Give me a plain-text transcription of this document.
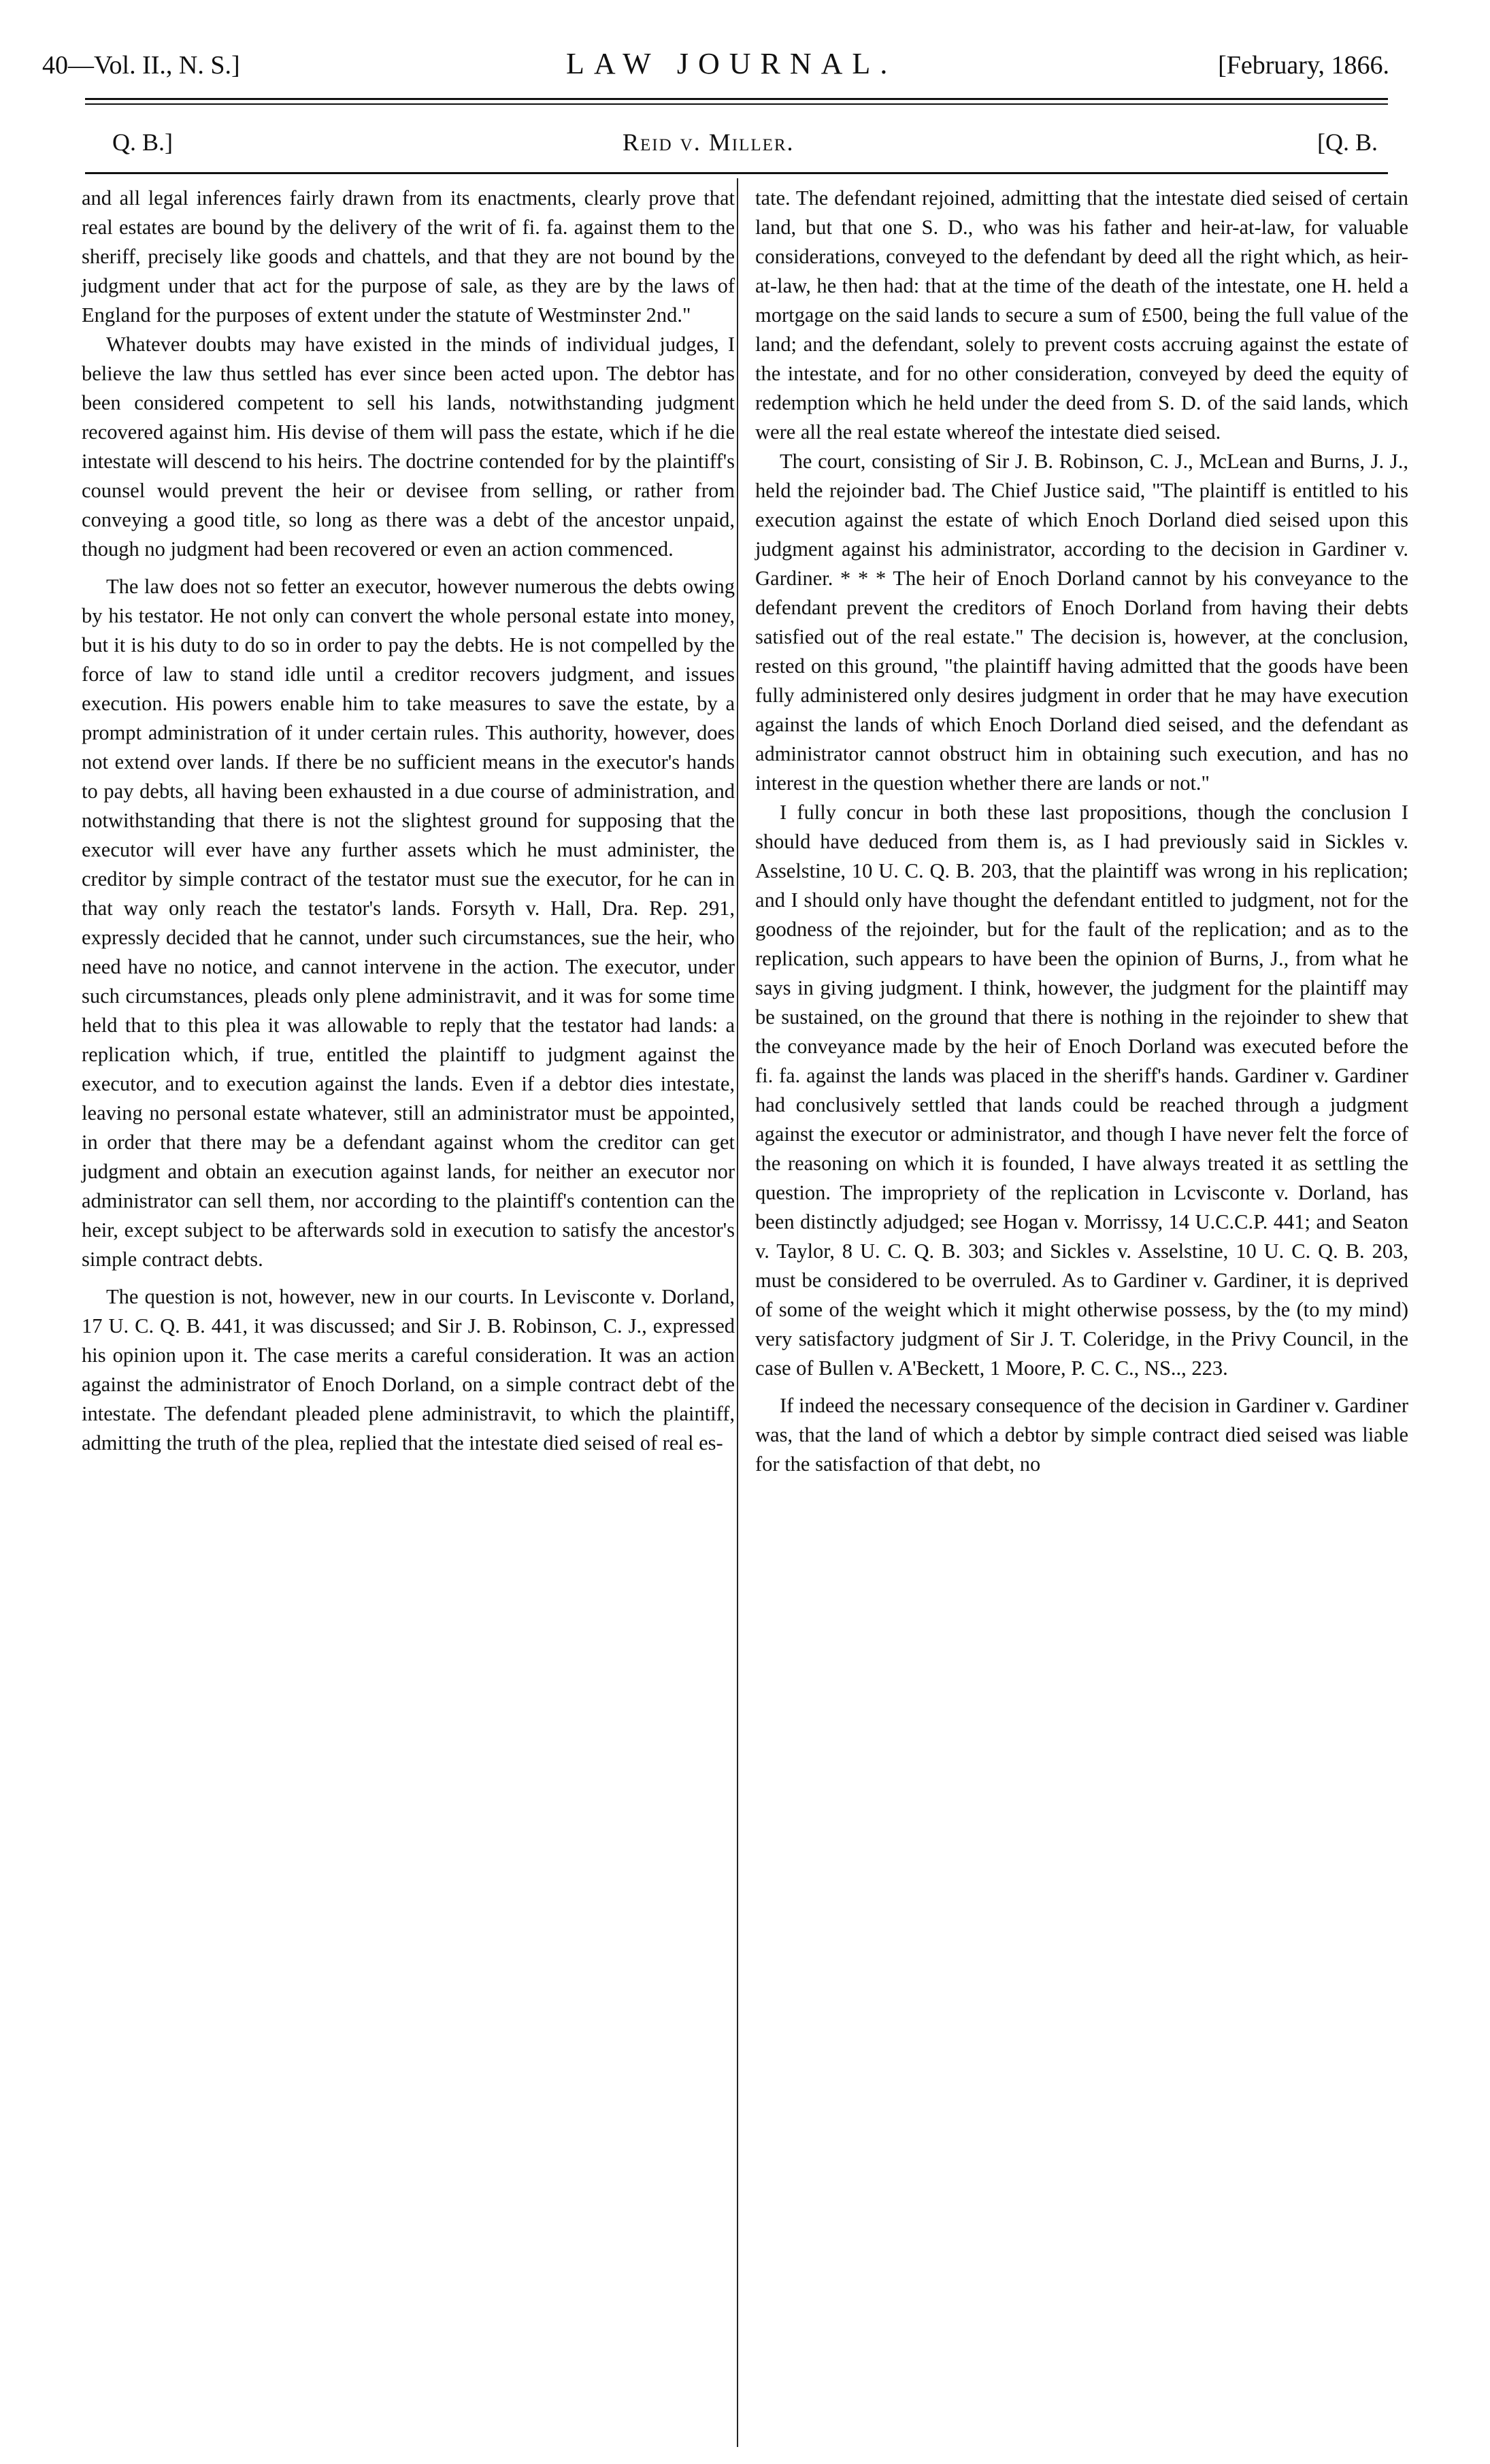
40—Vol. II., N. S.]	LAW JOURNAL.	[February, 1866.
Q. B.]	Reid v. Miller.	[Q. B.

and all legal inferences fairly drawn from its enactments, clearly prove that real estates are bound by the delivery of the writ of fi. fa. against them to the sheriff, precisely like goods and chattels, and that they are not bound by the judgment under that act for the purpose of sale, as they are by the laws of England for the purposes of extent under the statute of Westminster 2nd."

Whatever doubts may have existed in the minds of individual judges, I believe the law thus settled has ever since been acted upon. The debtor has been considered competent to sell his lands, notwithstanding judgment recovered against him. His devise of them will pass the estate, which if he die intestate will descend to his heirs. The doctrine contended for by the plaintiff's counsel would prevent the heir or devisee from selling, or rather from conveying a good title, so long as there was a debt of the ancestor unpaid, though no judgment had been recovered or even an action commenced.

The law does not so fetter an executor, however numerous the debts owing by his testator. He not only can convert the whole personal estate into money, but it is his duty to do so in order to pay the debts. He is not compelled by the force of law to stand idle until a creditor recovers judgment, and issues execution. His powers enable him to take measures to save the estate, by a prompt administration of it under certain rules. This authority, however, does not extend over lands. If there be no sufficient means in the executor's hands to pay debts, all having been exhausted in a due course of administration, and notwithstanding that there is not the slightest ground for supposing that the executor will ever have any further assets which he must administer, the creditor by simple contract of the testator must sue the executor, for he can in that way only reach the testator's lands. Forsyth v. Hall, Dra. Rep. 291, expressly decided that he cannot, under such circumstances, sue the heir, who need have no notice, and cannot intervene in the action. The executor, under such circumstances, pleads only plene administravit, and it was for some time held that to this plea it was allowable to reply that the testator had lands: a replication which, if true, entitled the plaintiff to judgment against the executor, and to execution against the lands. Even if a debtor dies intestate, leaving no personal estate whatever, still an administrator must be appointed, in order that there may be a defendant against whom the creditor can get judgment and obtain an execution against lands, for neither an executor nor administrator can sell them, nor according to the plaintiff's contention can the heir, except subject to be afterwards sold in execution to satisfy the ancestor's simple contract debts.

The question is not, however, new in our courts. In Levisconte v. Dorland, 17 U. C. Q. B. 441, it was discussed; and Sir J. B. Robinson, C. J., expressed his opinion upon it. The case merits a careful consideration. It was an action against the administrator of Enoch Dorland, on a simple contract debt of the intestate. The defendant pleaded plene administravit, to which the plaintiff, admitting the truth of the plea, replied that the intestate died seised of real es-

tate. The defendant rejoined, admitting that the intestate died seised of certain land, but that one S. D., who was his father and heir-at-law, for valuable considerations, conveyed to the defendant by deed all the right which, as heir-at-law, he then had: that at the time of the death of the intestate, one H. held a mortgage on the said lands to secure a sum of £500, being the full value of the land; and the defendant, solely to prevent costs accruing against the estate of the intestate, and for no other consideration, conveyed by deed the equity of redemption which he held under the deed from S. D. of the said lands, which were all the real estate whereof the intestate died seised.

The court, consisting of Sir J. B. Robinson, C. J., McLean and Burns, J. J., held the rejoinder bad. The Chief Justice said, "The plaintiff is entitled to his execution against the estate of which Enoch Dorland died seised upon this judgment against his administrator, according to the decision in Gardiner v. Gardiner. * * * The heir of Enoch Dorland cannot by his conveyance to the defendant prevent the creditors of Enoch Dorland from having their debts satisfied out of the real estate." The decision is, however, at the conclusion, rested on this ground, "the plaintiff having admitted that the goods have been fully administered only desires judgment in order that he may have execution against the lands of which Enoch Dorland died seised, and the defendant as administrator cannot obstruct him in obtaining such execution, and has no interest in the question whether there are lands or not."

I fully concur in both these last propositions, though the conclusion I should have deduced from them is, as I had previously said in Sickles v. Asselstine, 10 U. C. Q. B. 203, that the plaintiff was wrong in his replication; and I should only have thought the defendant entitled to judgment, not for the goodness of the rejoinder, but for the fault of the replication; and as to the replication, such appears to have been the opinion of Burns, J., from what he says in giving judgment. I think, however, the judgment for the plaintiff may be sustained, on the ground that there is nothing in the rejoinder to shew that the conveyance made by the heir of Enoch Dorland was executed before the fi. fa. against the lands was placed in the sheriff's hands. Gardiner v. Gardiner had conclusively settled that lands could be reached through a judgment against the executor or administrator, and though I have never felt the force of the reasoning on which it is founded, I have always treated it as settling the question. The impropriety of the replication in Lcvisconte v. Dorland, has been distinctly adjudged; see Hogan v. Morrissy, 14 U.C.C.P. 441; and Seaton v. Taylor, 8 U. C. Q. B. 303; and Sickles v. Asselstine, 10 U. C. Q. B. 203, must be considered to be overruled. As to Gardiner v. Gardiner, it is deprived of some of the weight which it might otherwise possess, by the (to my mind) very satisfactory judgment of Sir J. T. Coleridge, in the Privy Council, in the case of Bullen v. A'Beckett, 1 Moore, P. C. C., NS.., 223.

If indeed the necessary consequence of the decision in Gardiner v. Gardiner was, that the land of which a debtor by simple contract died seised was liable for the satisfaction of that debt, no
